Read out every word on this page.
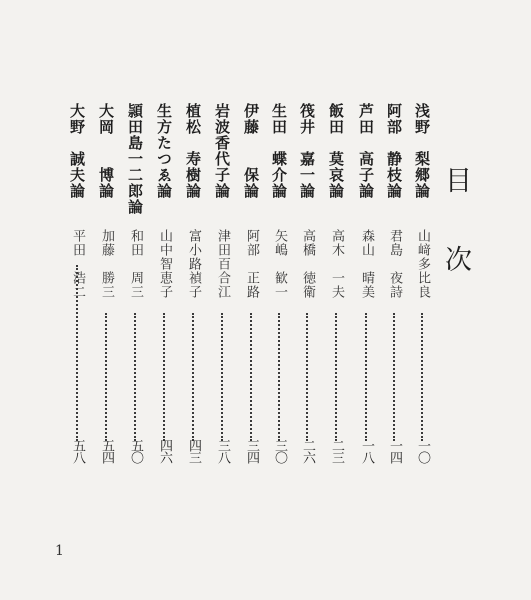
目次
浅野　梨郷論
山﨑多比良
一〇
阿部　静枝論
君島　夜詩
一四
芦田　高子論
森山　晴美
一八
飯田　莫哀論
高木　一夫
二三
筏井　嘉一論
高橋　徳衛
二六
生田　蝶介論
矢嶋　歓一
三〇
伊藤　　保論
阿部　正路
三四
岩波香代子論
津田百合江
三八
植松　寿樹論
富小路禎子
四三
生方たつゑ論
山中智恵子
四六
頴田島一二郎論
和田　周三
五〇
大岡　　博論
加藤　勝三
五四
大野　誠夫論
平田　浩二
五八
1
